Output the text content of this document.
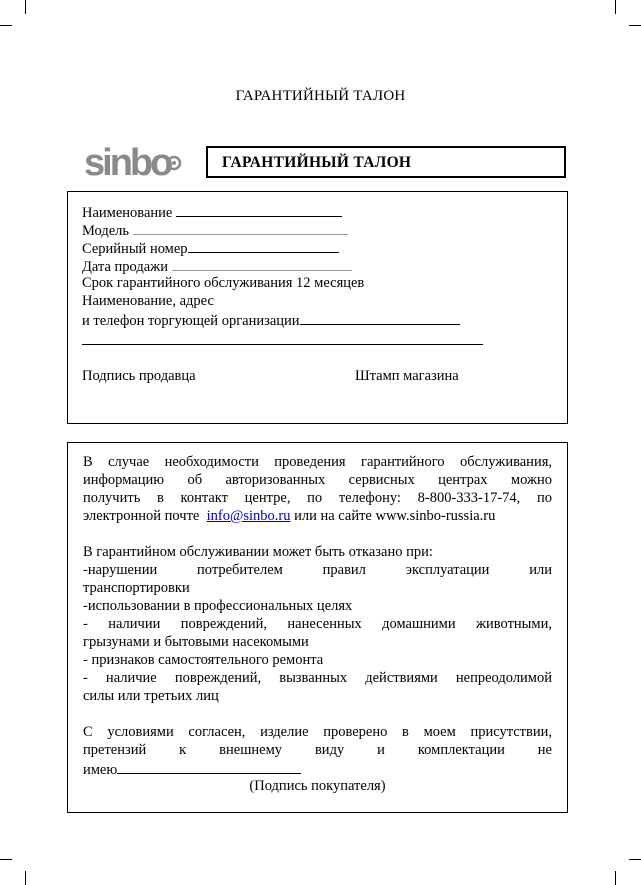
ГАРАНТИЙНЫЙ ТАЛОН
sinbo	ГАРАНТИЙНЫЙ ТАЛОН
Наименование
Модель
Серийный номер
Дата продажи
Срок гарантийного обслуживания 12 месяцев
Наименование, адрес
и телефон торгующей организации
Подпись продавца	Штамп магазина
В случае необходимости проведения гарантийного обслуживания,
информацию об авторизованных сервисных центрах можно
получить в контакт центре, по телефону: 8-800-333-17-74, по
электронной почте info@sinbo.ru или на сайте www.sinbo-russia.ru
В гарантийном обслуживании может быть отказано при:
-нарушении потребителем правил эксплуатации или
транспортировки
-использовании в профессиональных целях
- наличии повреждений, нанесенных домашними животными,
грызунами и бытовыми насекомыми
- признаков самостоятельного ремонта
- наличие повреждений, вызванных действиями непреодолимой
силы или третьих лиц
С условиями согласен, изделие проверено в моем присутствии,
претензий к внешнему виду и комплектации не
имею
(Подпись покупателя)
